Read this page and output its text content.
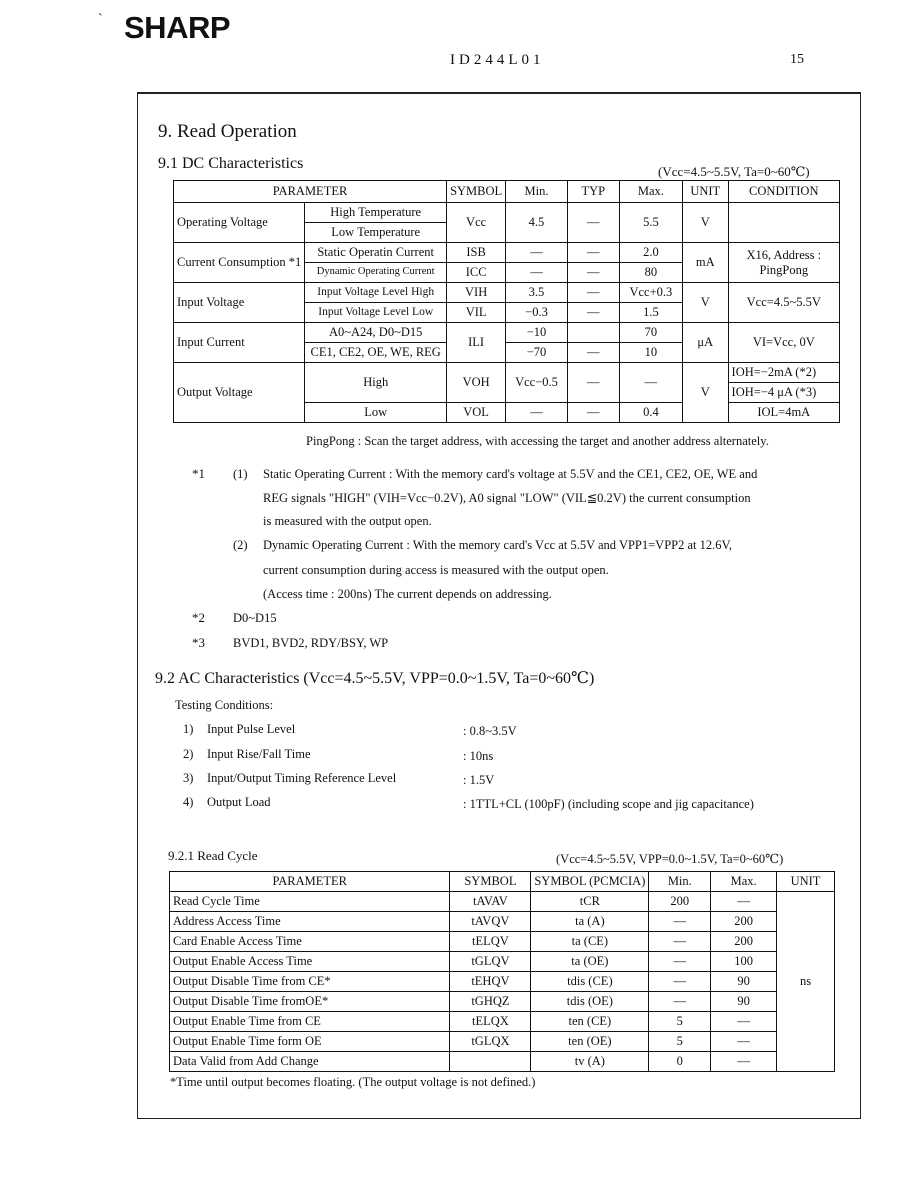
` SHARP
ID244L01	15
9. Read Operation
9.1 DC Characteristics	(Vcc=4.5~5.5V, Ta=0~60℃)
PARAMETER		SYMBOL	Min.	TYP	Max.	UNIT	CONDITION
Operating Voltage	High Temperature	Vcc	4.5	—	5.5	V	
	Low Temperature						
Current Consumption *1	Static Operatin Current	ISB	—	—	2.0	mA	X16, Address : PingPong
	Dynamic Operating Current	ICC	—	—	80		
Input Voltage	Input Voltage Level High	VIH	3.5	—	Vcc+0.3	V	Vcc=4.5~5.5V
	Input Voltage Level Low	VIL	−0.3	—	1.5		
Input Current	A0~A24, D0~D15	ILI	−10		70	μA	VI=Vcc, 0V
	CE1, CE2, OE, WE, REG		−70	—	10		
Output Voltage	High	VOH	Vcc−0.5	—	—	V	IOH=−2mA (*2)
							IOH=−4 μA (*3)
	Low	VOL	—	—	0.4		IOL=4mA
PingPong : Scan the target address, with accessing the target and another address alternately.
*1 (1) Static Operating Current : With the memory card's voltage at 5.5V and the CE1, CE2, OE, WE and
REG signals "HIGH" (VIH=Vcc−0.2V), A0 signal "LOW" (VIL≦0.2V) the current consumption
is measured with the output open.
(2) Dynamic Operating Current : With the memory card's Vcc at 5.5V and VPP1=VPP2 at 12.6V,
current consumption during access is measured with the output open.
(Access time : 200ns) The current depends on addressing.
*2 D0~D15
*3 BVD1, BVD2, RDY/BSY, WP
9.2 AC Characteristics (Vcc=4.5~5.5V, VPP=0.0~1.5V, Ta=0~60℃)
Testing Conditions:
1) Input Pulse Level	: 0.8~3.5V
2) Input Rise/Fall Time	: 10ns
3) Input/Output Timing Reference Level	: 1.5V
4) Output Load	: 1TTL+CL (100pF) (including scope and jig capacitance)
9.2.1 Read Cycle	(Vcc=4.5~5.5V, VPP=0.0~1.5V, Ta=0~60℃)
PARAMETER	SYMBOL	SYMBOL (PCMCIA)	Min.	Max.	UNIT
Read Cycle Time	tAVAV	tCR	200	—	ns
Address Access Time	tAVQV	ta (A)	—	200	
Card Enable Access Time	tELQV	ta (CE)	—	200	
Output Enable Access Time	tGLQV	ta (OE)	—	100	
Output Disable Time from CE*	tEHQV	tdis (CE)	—	90	
Output Disable Time fromOE*	tGHQZ	tdis (OE)	—	90	
Output Enable Time from CE	tELQX	ten (CE)	5	—	
Output Enable Time form OE	tGLQX	ten (OE)	5	—	
Data Valid from Add Change		tv (A)	0	—	
*Time until output becomes floating. (The output voltage is not defined.)
